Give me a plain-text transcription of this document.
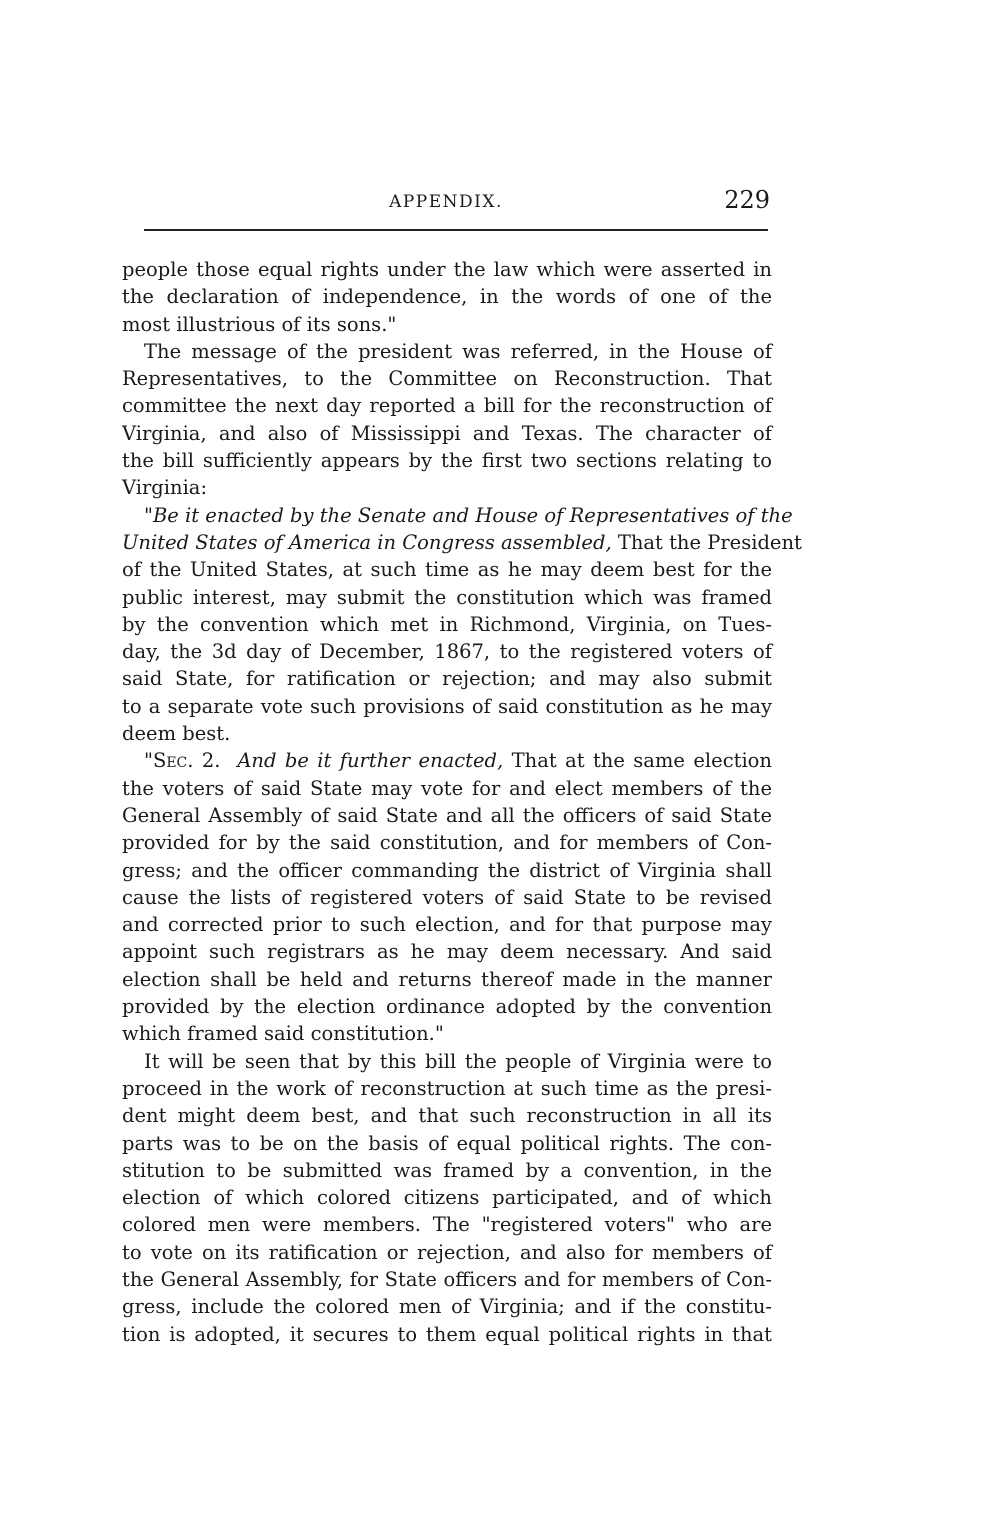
APPENDIX.	229
people those equal rights under the law which were asserted in
the declaration of independence, in the words of one of the
most illustrious of its sons."
The message of the president was referred, in the House of
Representatives, to the Committee on Reconstruction. That
committee the next day reported a bill for the reconstruction of
Virginia, and also of Mississippi and Texas. The character of
the bill sufficiently appears by the first two sections relating to
Virginia:
"Be it enacted by the Senate and House of Representatives of the
United States of America in Congress assembled, That the President
of the United States, at such time as he may deem best for the
public interest, may submit the constitution which was framed
by the convention which met in Richmond, Virginia, on Tues-
day, the 3d day of December, 1867, to the registered voters of
said State, for ratification or rejection; and may also submit
to a separate vote such provisions of said constitution as he may
deem best.
"Sec. 2. And be it further enacted, That at the same election
the voters of said State may vote for and elect members of the
General Assembly of said State and all the officers of said State
provided for by the said constitution, and for members of Con-
gress; and the officer commanding the district of Virginia shall
cause the lists of registered voters of said State to be revised
and corrected prior to such election, and for that purpose may
appoint such registrars as he may deem necessary. And said
election shall be held and returns thereof made in the manner
provided by the election ordinance adopted by the convention
which framed said constitution."
It will be seen that by this bill the people of Virginia were to
proceed in the work of reconstruction at such time as the presi-
dent might deem best, and that such reconstruction in all its
parts was to be on the basis of equal political rights. The con-
stitution to be submitted was framed by a convention, in the
election of which colored citizens participated, and of which
colored men were members. The "registered voters" who are
to vote on its ratification or rejection, and also for members of
the General Assembly, for State officers and for members of Con-
gress, include the colored men of Virginia; and if the constitu-
tion is adopted, it secures to them equal political rights in that
